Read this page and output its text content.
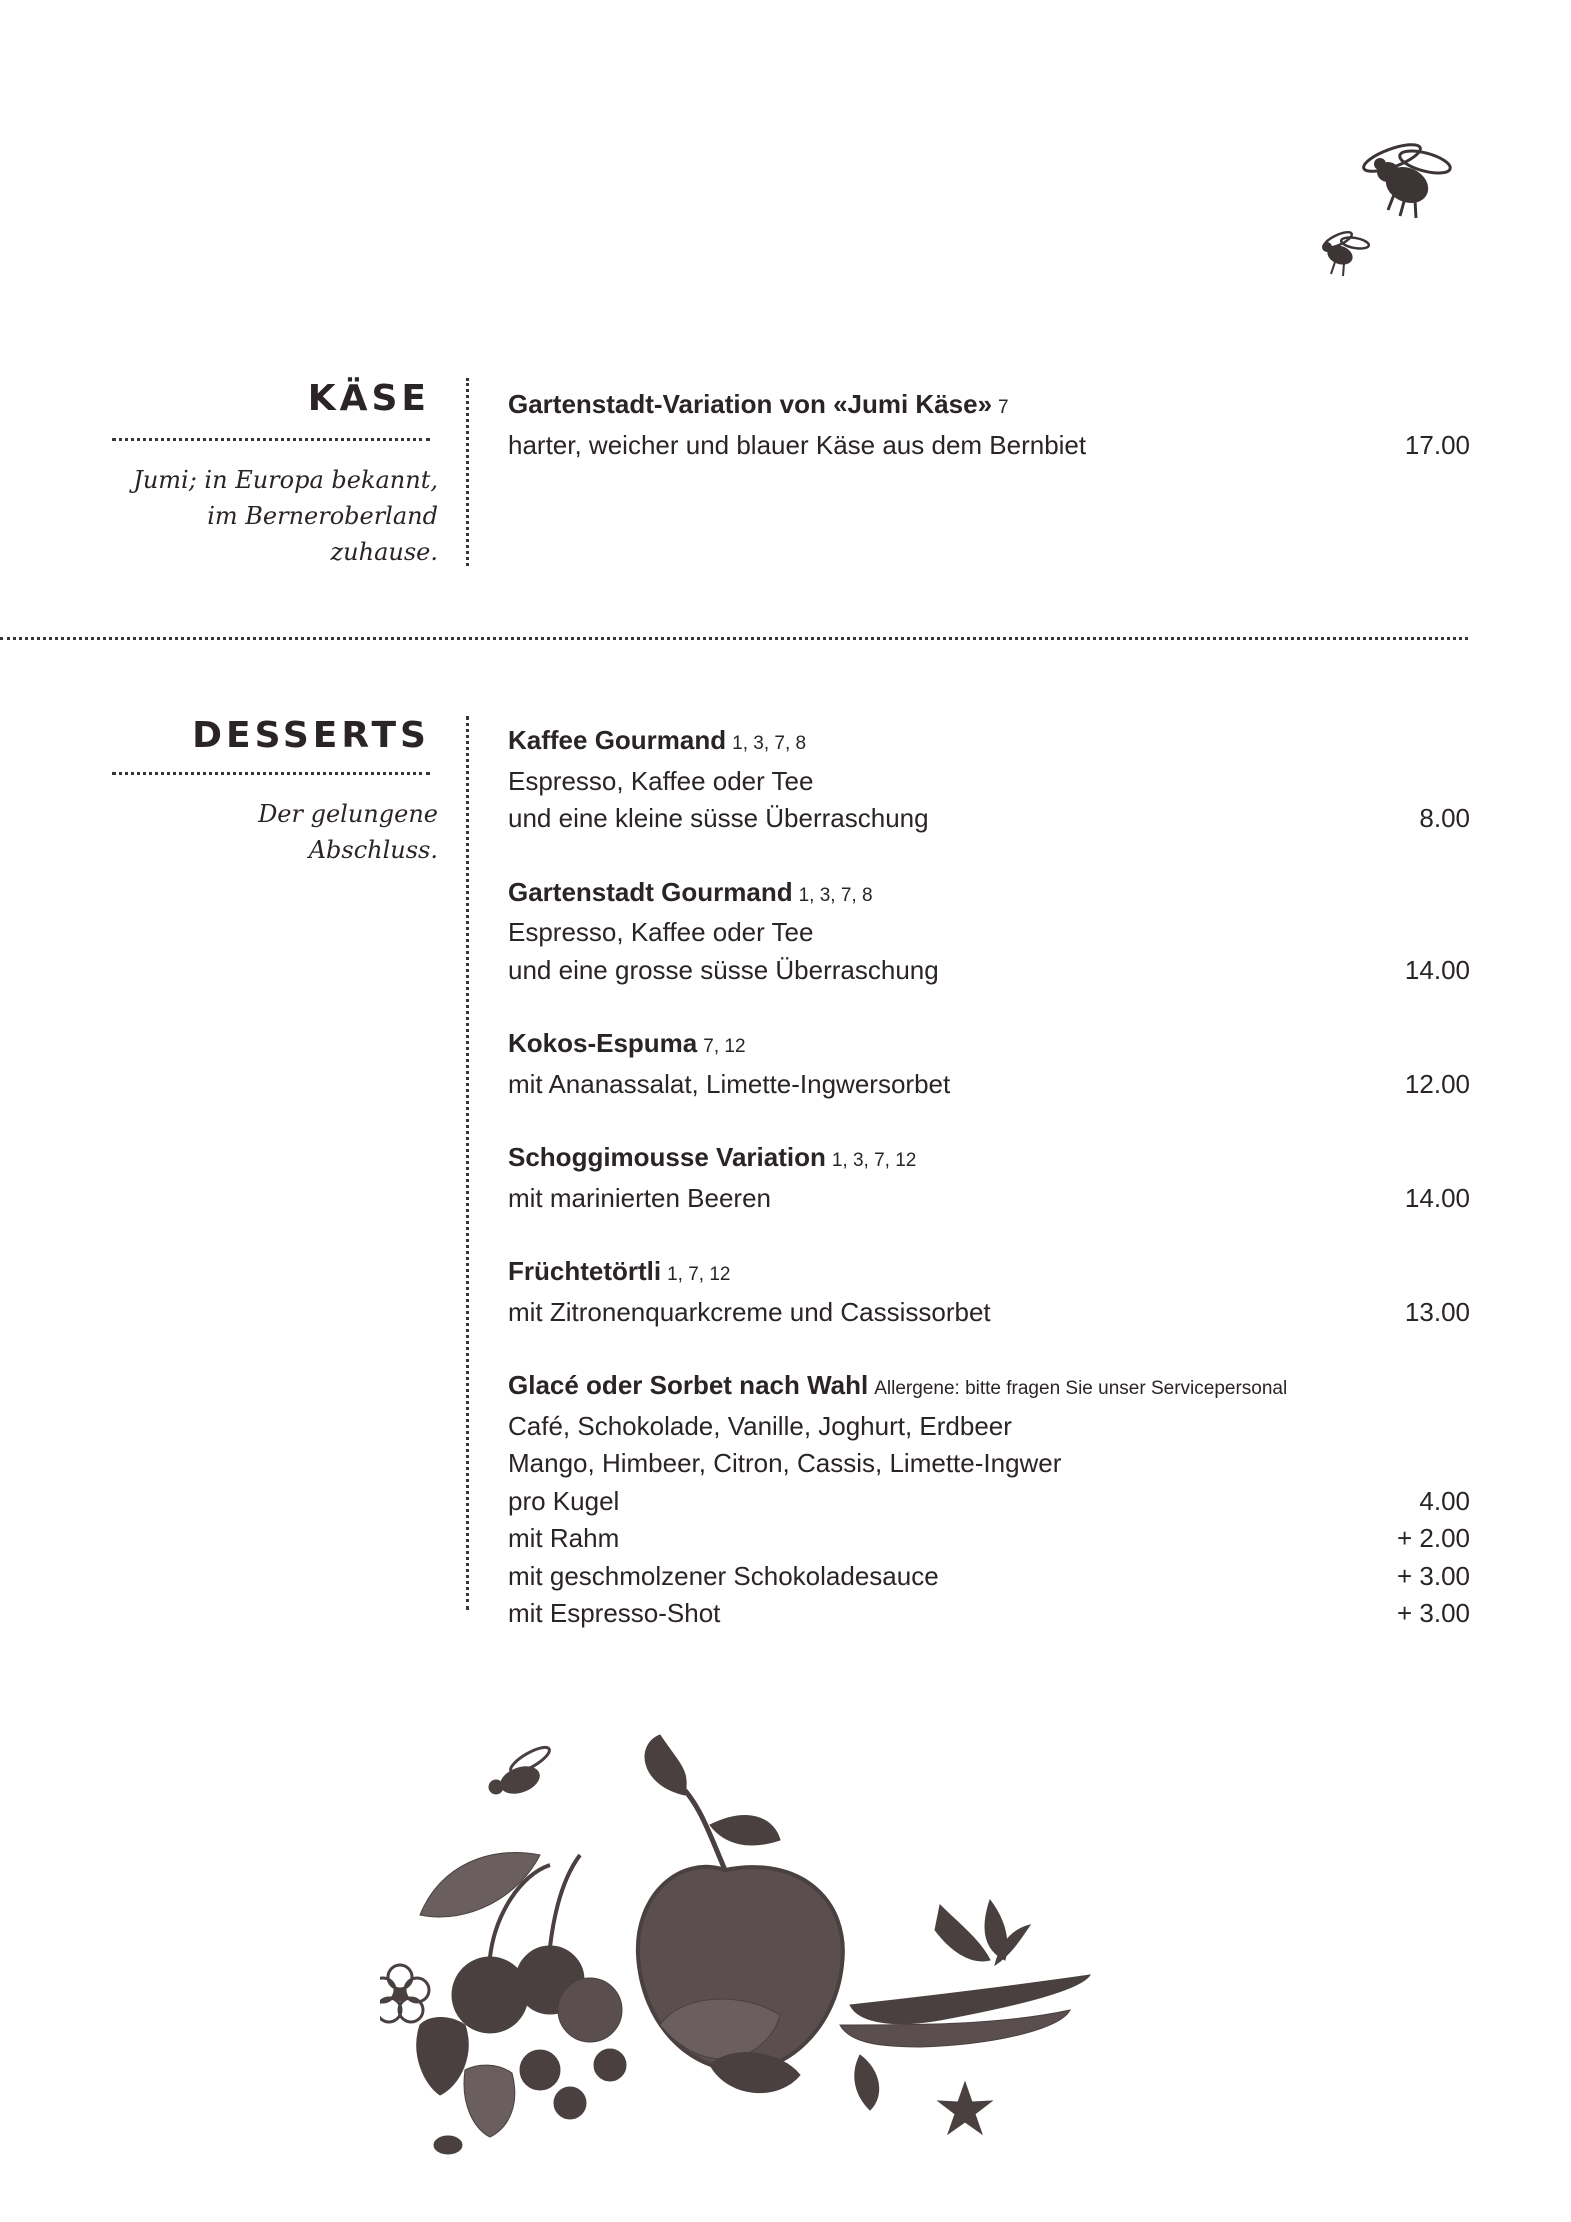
KÄSE
Jumi; in Europa bekannt,
im Berneroberland
zuhause.
Gartenstadt-Variation von «Jumi Käse» 7
harter, weicher und blauer Käse aus dem Bernbiet	17.00
DESSERTS
Der gelungene
Abschluss.
Kaffee Gourmand 1, 3, 7, 8
Espresso, Kaffee oder Tee
und eine kleine süsse Überraschung	8.00
Gartenstadt Gourmand 1, 3, 7, 8
Espresso, Kaffee oder Tee
und eine grosse süsse Überraschung	14.00
Kokos-Espuma 7, 12
mit Ananassalat, Limette-Ingwersorbet	12.00
Schoggimousse Variation 1, 3, 7, 12
mit marinierten Beeren	14.00
Früchtetörtli 1, 7, 12
mit Zitronenquarkcreme und Cassissorbet	13.00
Glacé oder Sorbet nach Wahl Allergene: bitte fragen Sie unser Servicepersonal
Café, Schokolade, Vanille, Joghurt, Erdbeer
Mango, Himbeer, Citron, Cassis, Limette-Ingwer
pro Kugel	4.00
mit Rahm	+ 2.00
mit geschmolzener Schokoladesauce	+ 3.00
mit Espresso-Shot	+ 3.00
